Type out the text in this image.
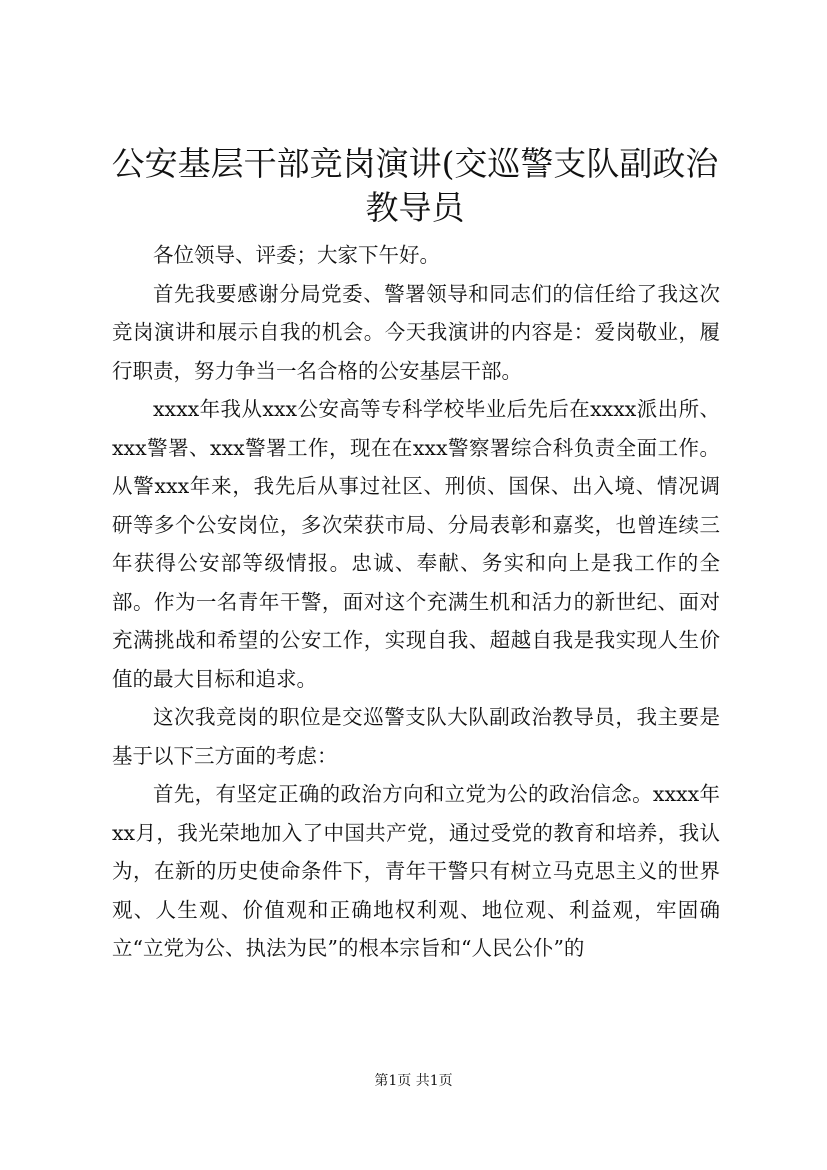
公安基层干部竞岗演讲(交巡警支队副政治教导员

各位领导、评委；大家下午好。

首先我要感谢分局党委、警署领导和同志们的信任给了我这次竞岗演讲和展示自我的机会。今天我演讲的内容是：爱岗敬业，履行职责，努力争当一名合格的公安基层干部。

xxxx年我从xxx公安高等专科学校毕业后先后在xxxx派出所、xxx警署、xxx警署工作，现在在xxx警察署综合科负责全面工作。从警xxx年来，我先后从事过社区、刑侦、国保、出入境、情况调研等多个公安岗位，多次荣获市局、分局表彰和嘉奖，也曾连续三年获得公安部等级情报。忠诚、奉献、务实和向上是我工作的全部。作为一名青年干警，面对这个充满生机和活力的新世纪、面对充满挑战和希望的公安工作，实现自我、超越自我是我实现人生价值的最大目标和追求。

这次我竞岗的职位是交巡警支队大队副政治教导员，我主要是基于以下三方面的考虑：

首先，有坚定正确的政治方向和立党为公的政治信念。xxxx年xx月，我光荣地加入了中国共产党，通过受党的教育和培养，我认为，在新的历史使命条件下，青年干警只有树立马克思主义的世界观、人生观、价值观和正确地权利观、地位观、利益观，牢固确立“立党为公、执法为民”的根本宗旨和“人民公仆”的

第1页 共1页
